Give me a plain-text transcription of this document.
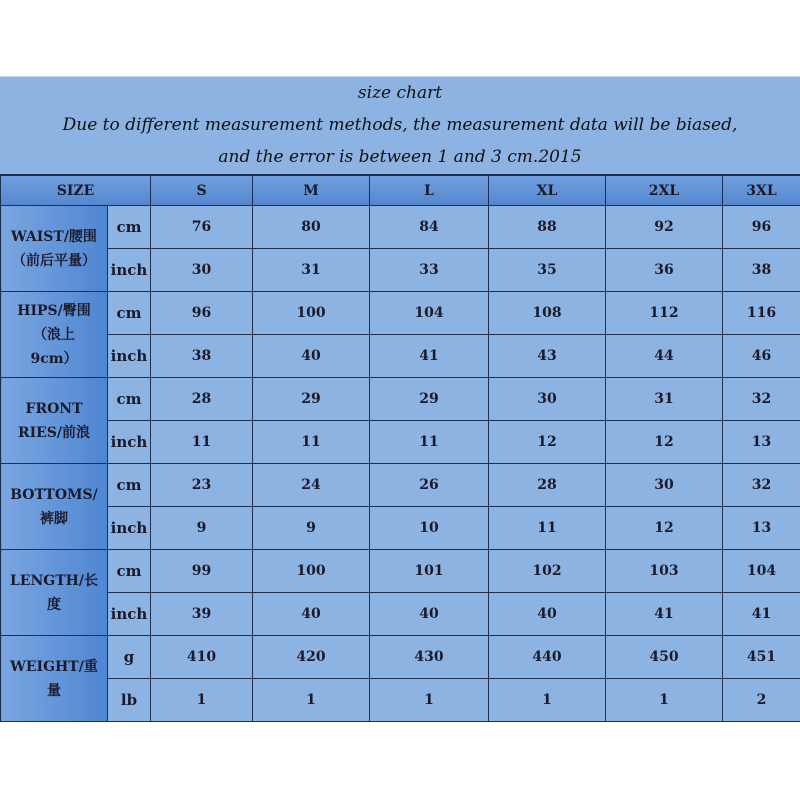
size chart
Due to different measurement methods, the measurement data will be biased,
and the error is between 1 and 3 cm.2015
SIZE		S	M	L	XL	2XL	3XL

WAIST/腰围
（前后平量）	cm	76	80	84	88	92	96
	inch	30	31	33	35	36	38

HIPS/臀围
（浪上
9cm）	cm	96	100	104	108	112	116
	inch	38	40	41	43	44	46

FRONT
RIES/前浪	cm	28	29	29	30	31	32
	inch	11	11	11	12	12	13

BOTTOMS/
裤脚	cm	23	24	26	28	30	32
	inch	9	9	10	11	12	13

LENGTH/长
度	cm	99	100	101	102	103	104
	inch	39	40	40	40	41	41

WEIGHT/重
量	g	410	420	430	440	450	451
	lb	1	1	1	1	1	2
